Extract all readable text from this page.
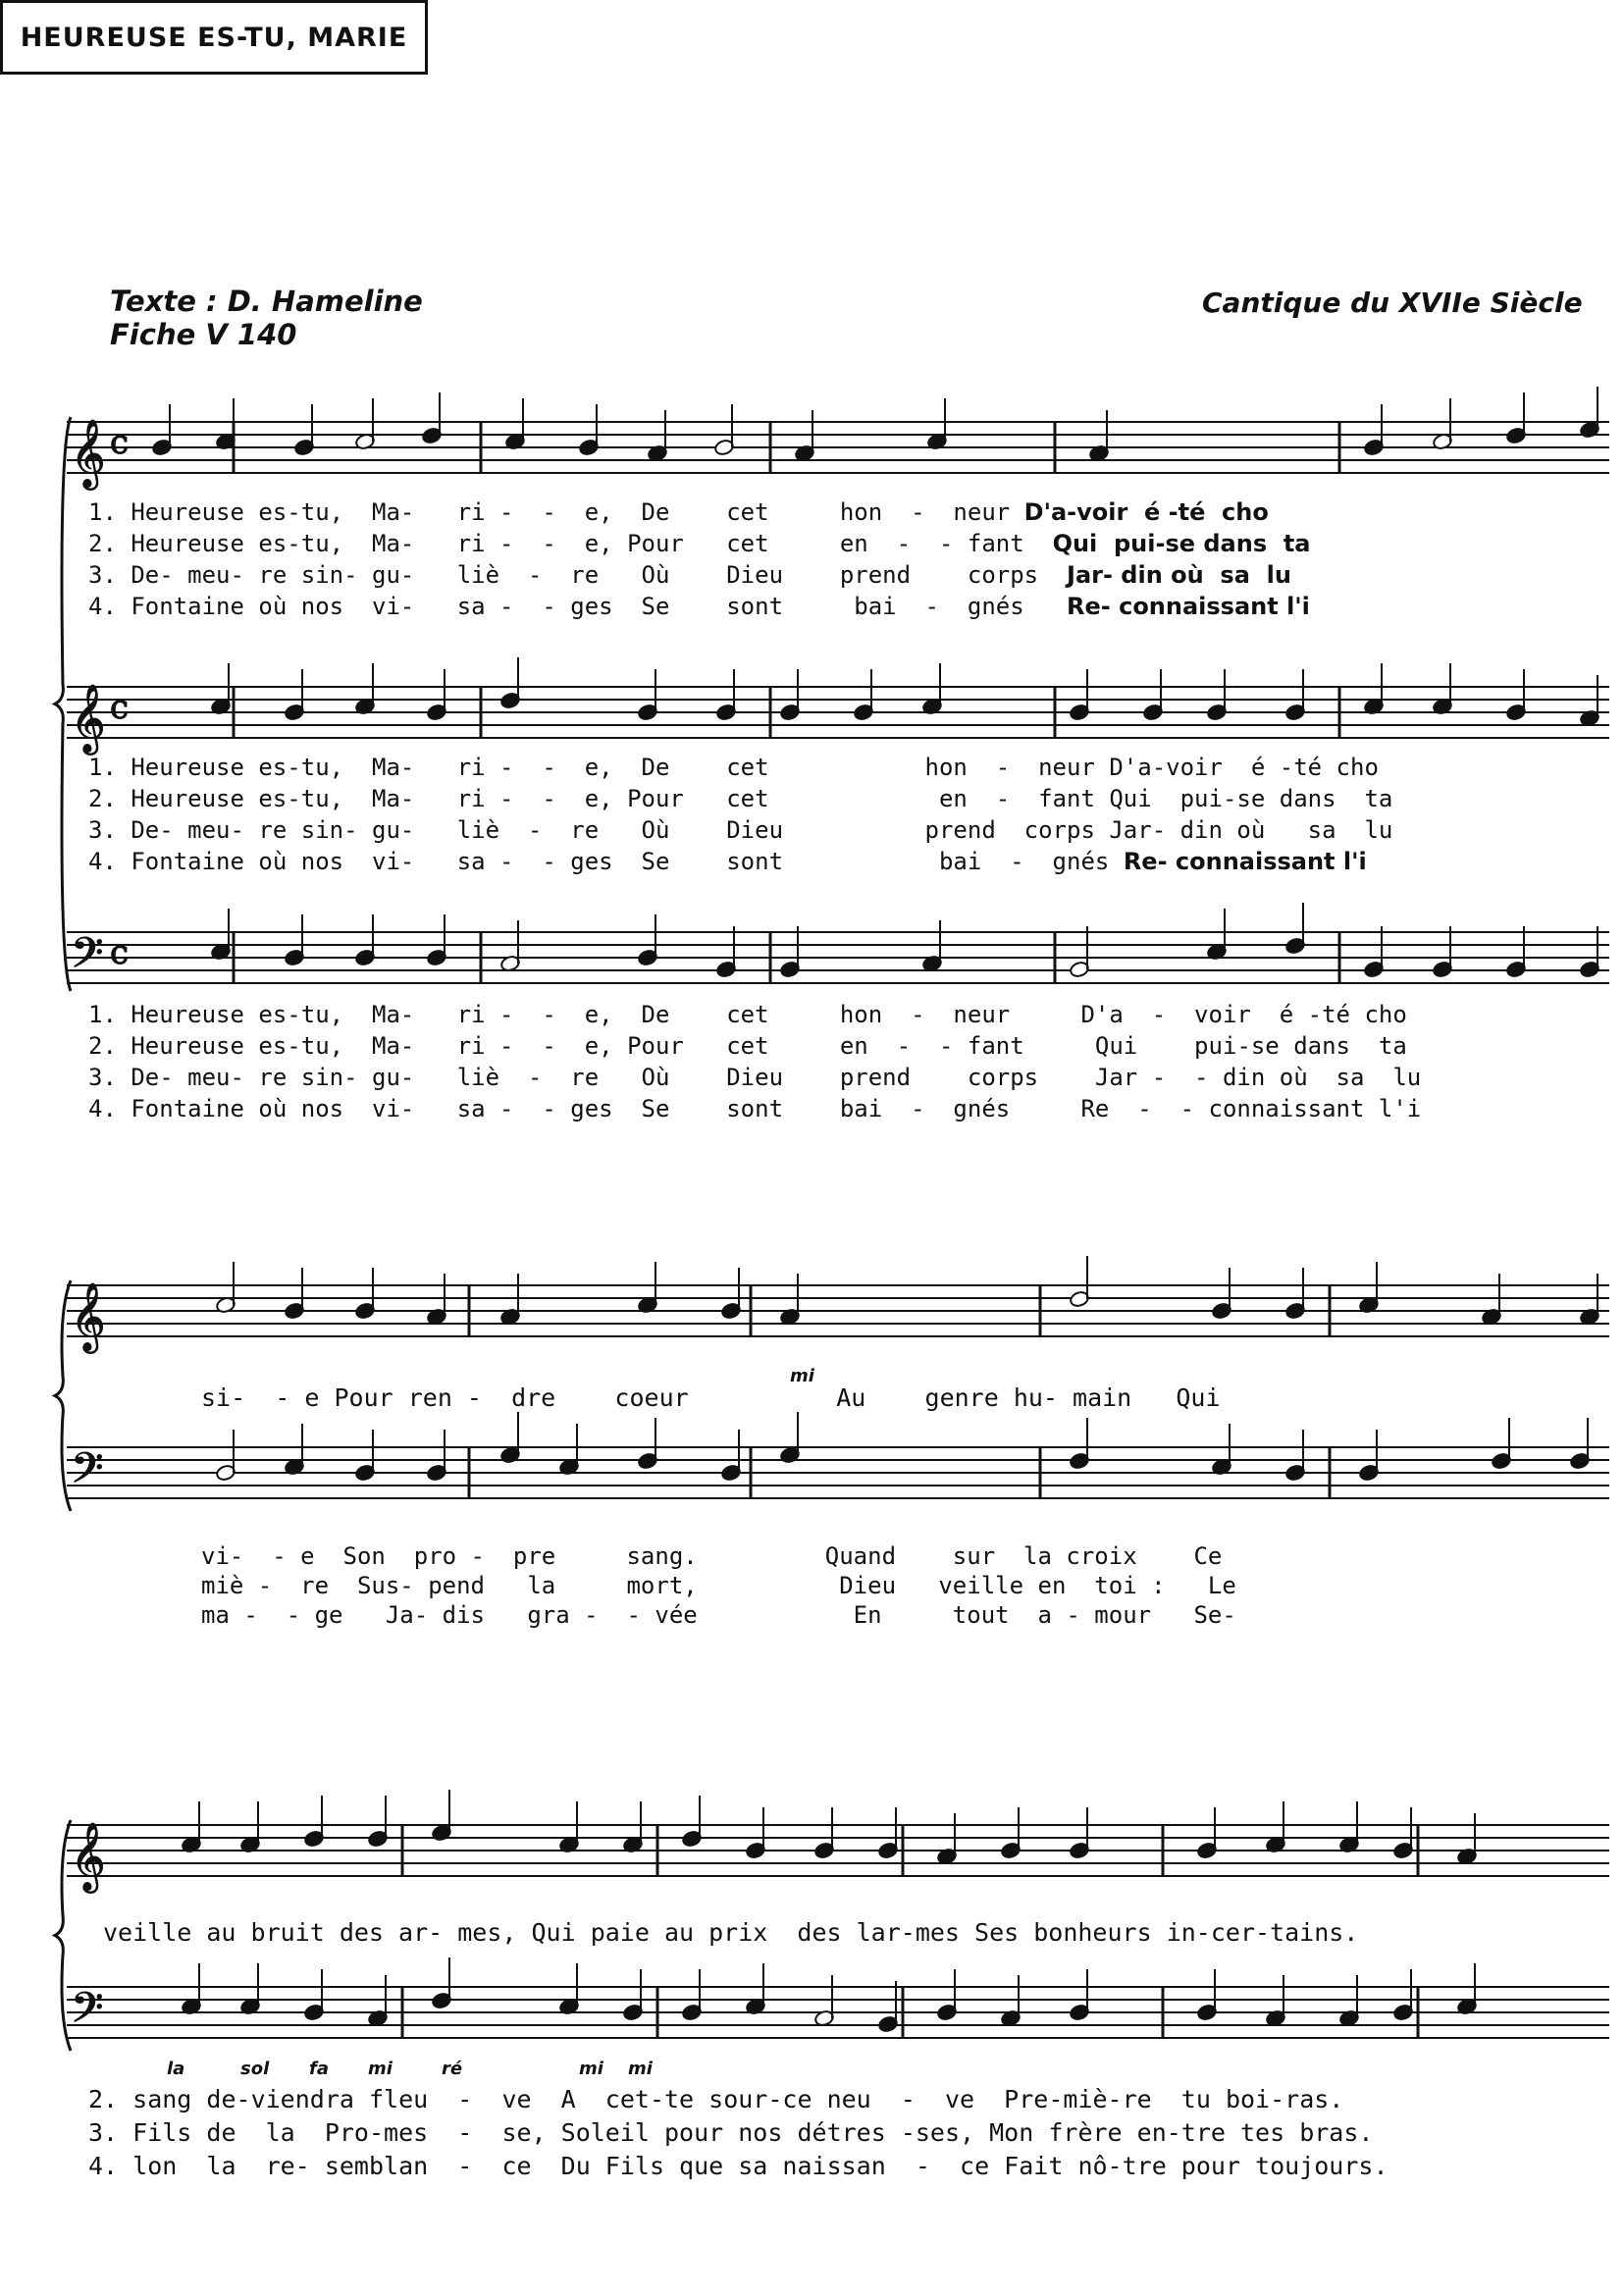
HEUREUSE ES-TU, MARIE
Texte : D. Hameline
Fiche V 140
Cantique du XVIIe Siècle
𝄞
𝄞
𝄢
c
c
c
𝄞
𝄢
𝄞
𝄢
1. Heureuse es-tu,  Ma-   ri -  -  e,  De    cet     hon  -  neur D'a-voir  é -té  cho
2. Heureuse es-tu,  Ma-   ri -  -  e, Pour   cet     en  -  - fant  Qui  pui-se dans  ta
3. De- meu- re sin- gu-   liè  -  re   Où    Dieu    prend    corps  Jar- din où  sa  lu
4. Fontaine où nos  vi-   sa -  - ges  Se    sont     bai  -  gnés   Re- connaissant l'i
1. Heureuse es-tu,  Ma-   ri -  -  e,  De    cet           hon  -  neur D'a-voir  é -té cho
2. Heureuse es-tu,  Ma-   ri -  -  e, Pour   cet            en  -  fant Qui  pui-se dans  ta
3. De- meu- re sin- gu-   liè  -  re   Où    Dieu          prend  corps Jar- din où   sa  lu
4. Fontaine où nos  vi-   sa -  - ges  Se    sont           bai  -  gnés Re- connaissant l'i
1. Heureuse es-tu,  Ma-   ri -  -  e,  De    cet     hon  -  neur     D'a  -  voir  é -té cho
2. Heureuse es-tu,  Ma-   ri -  -  e, Pour   cet     en  -  - fant     Qui    pui-se dans  ta
3. De- meu- re sin- gu-   liè  -  re   Où    Dieu    prend    corps    Jar -  - din où  sa  lu
4. Fontaine où nos  vi-   sa -  - ges  Se    sont    bai  -  gnés     Re  -  - connaissant l'i
si-  - e Pour ren -  dre    coeur          Au    genre hu- main   Qui
vi-  - e  Son  pro -  pre     sang.         Quand    sur  la croix    Ce
miè -  re  Sus- pend   la     mort,          Dieu   veille en  toi :   Le
ma -  - ge   Ja- dis   gra -  - vée           En     tout  a - mour   Se-
mi
veille au bruit des ar- mes, Qui paie au prix  des lar-mes Ses bonheurs in-cer-tains.
la	sol fa mi	ré	mi mi
2. sang de-viendra fleu  -  ve  A  cet-te sour-ce neu  -  ve  Pre-miè-re  tu boi-ras.
3. Fils de  la  Pro-mes  -  se, Soleil pour nos détres -ses, Mon frère en-tre tes bras.
4. lon  la  re- semblan  -  ce  Du Fils que sa naissan  -  ce Fait nô-tre pour toujours.
